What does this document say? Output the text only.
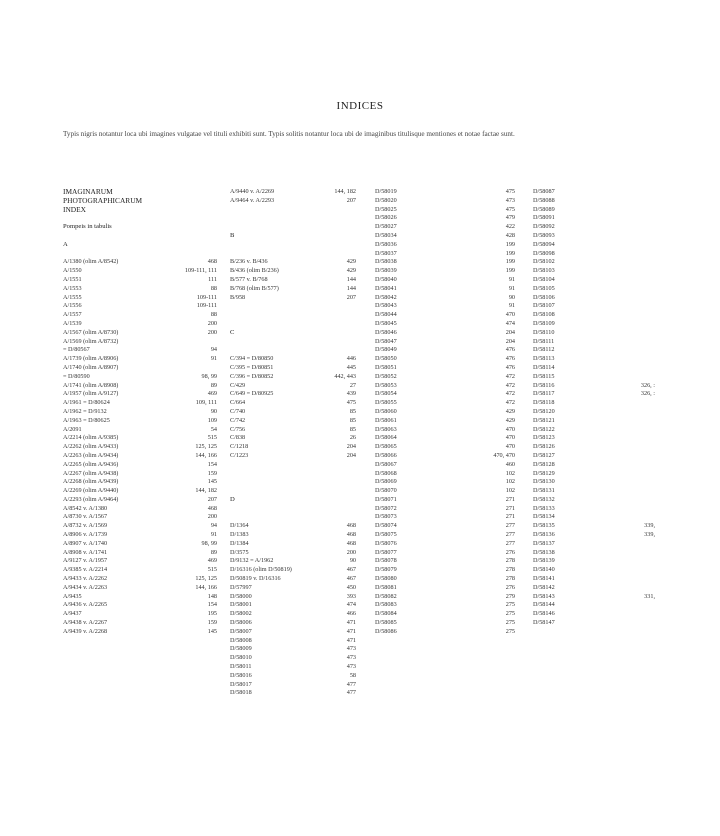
INDICES
Typis nigris notantur loca ubi imagines vulgatae vel tituli exhibiti sunt. Typis solitis notantur loca ubi de imaginibus titulisque mentiones et notae factae sunt.
IMAGINARUM
PHOTOGRAPHICARUM
INDEX
Pompeis in tabulis
A
A/1380 (olim A/8542)	468
A/1550	109-111, 111
A/1551	111
A/1553	88
A/1555	109-111
A/1556	109-111
A/1557	88
A/1539	200
A/1567 (olim A/8730)	200
A/1569 (olim A/8732)
= D/80567	94
A/1739 (olim A/8906)	91
A/1740 (olim A/8907)
= D/80590	98, 99
A/1741 (olim A/8908)	89
A/1957 (olim A/9127)	469
A/1961 = D/80624	109, 111
A/1962 = D/9132	90
A/1963 = D/80625	109
A/2091	54
A/2214 (olim A/9385)	515
A/2262 (olim A/9433)	125, 125
A/2263 (olim A/9434)	144, 166
A/2265 (olim A/9436)	154
A/2267 (olim A/9438)	159
A/2268 (olim A/9439)	145
A/2269 (olim A/9440)	144, 182
A/2293 (olim A/9464)	207
A/8542 v. A/1380	468
A/8730 v. A/1567	200
A/8732 v. A/1569	94
A/8906 v. A/1739	91
A/8907 v. A/1740	98, 99
A/8908 v. A/1741	89
A/9127 v. A/1957	469
A/9385 v. A/2214	515
A/9433 v. A/2262	125, 125
A/9434 v. A/2263	144, 166
A/9435	148
A/9436 v. A/2265	154
A/9437	195
A/9438 v. A/2267	159
A/9439 v. A/2268	145
A/9440 v. A/2269	144, 182
A/9464 v. A/2293	207
B
B/236 v. B/436	429
B/436 (olim B/236)	429
B/577 v. B/768	144
B/768 (olim B/577)	144
B/958	207
C
C/394 = D/80850	446
C/395 = D/80851	445
C/396 = D/80852	442, 443
C/429	27
C/649 = D/80925	439
C/664	475
C/740	85
C/742	85
C/756	85
C/838	26
C/1218	204
C/1223	204
D
D/1364	468
D/1383	468
D/1384	468
D/3575	200
D/9132 = A/1962	90
D/16316 (olim D/50819)	467
D/50819 v. D/16316	467
D/57997	450
D/58000	393
D/58001	474
D/58002	466
D/58006	471
D/58007	471
D/58008	471
D/58009	473
D/58010	473
D/58011	473
D/58016	58
D/58017	477
D/58018	477
D/58019	475
D/58020	473
D/58025	475
D/58026	479
D/58027	422
D/58034	428
D/58036	199
D/58037	199
D/58038	199
D/58039	199
D/58040	91
D/58041	91
D/58042	90
D/58043	91
D/58044	470
D/58045	474
D/58046	204
D/58047	204
D/58049	476
D/58050	476
D/58051	476
D/58052	472
D/58053	472
D/58054	472
D/58055	472
D/58060	429
D/58061	429
D/58063	470
D/58064	470
D/58065	470
D/58066	470, 470
D/58067	460
D/58068	102
D/58069	102
D/58070	102
D/58071	271
D/58072	271
D/58073	271
D/58074	277
D/58075	277
D/58076	277
D/58077	276
D/58078	278
D/58079	278
D/58080	278
D/58081	276
D/58082	279
D/58083	275
D/58084	275
D/58085	275
D/58086	275
D/58087
D/58088
D/58089
D/58091
D/58092
D/58093
D/58094
D/58098
D/58102
D/58103
D/58104
D/58105
D/58106
D/58107
D/58108
D/58109
D/58110
D/58111
D/58112
D/58113
D/58114
D/58115
D/58116	326, :
D/58117	326, :
D/58118
D/58120
D/58121
D/58122
D/58123
D/58126
D/58127
D/58128
D/58129
D/58130
D/58131
D/58132
D/58133
D/58134
D/58135	339,
D/58136	339,
D/58137
D/58138
D/58139
D/58140
D/58141
D/58142
D/58143	331,
D/58144
D/58146
D/58147
